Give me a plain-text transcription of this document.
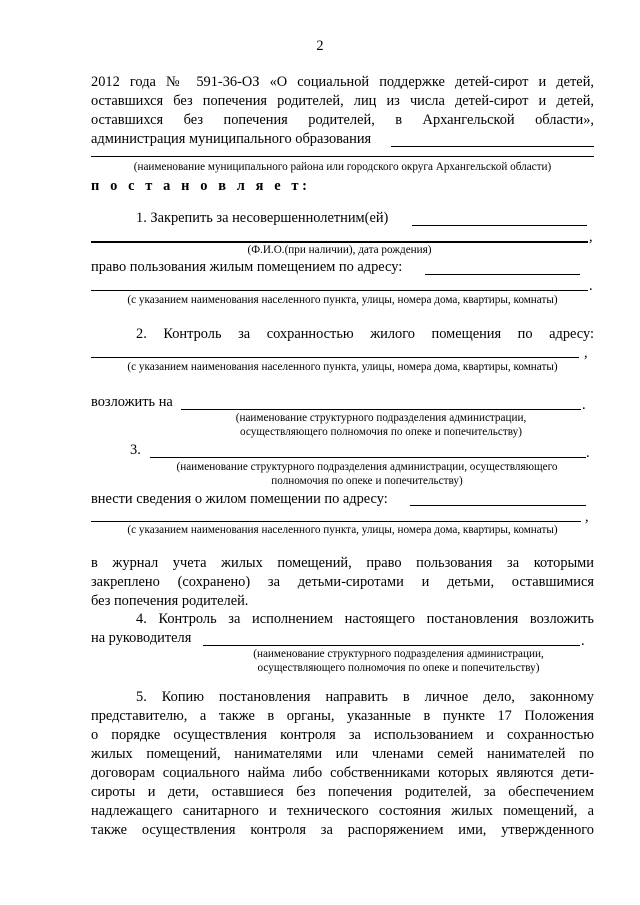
2
2012 года № 591-36-ОЗ «О социальной поддержке детей-сирот и детей,
оставшихся без попечения родителей, лиц из числа детей-сирот и детей,
оставшихся без попечения родителей, в Архангельской области»,
администрация муниципального образования
(наименование муниципального района или городского округа Архангельской области)
п о с т а н о в л я е т:
1. Закрепить за несовершеннолетним(ей)
,
(Ф.И.О.(при наличии), дата рождения)
право пользования жилым помещением по адресу:
.
(с указанием наименования населенного пункта, улицы, номера дома, квартиры, комнаты)
2. Контроль за сохранностью жилого помещения по адресу:
,
(с указанием наименования населенного пункта, улицы, номера дома, квартиры, комнаты)
возложить на	.
(наименование структурного подразделения администрации,
осуществляющего полномочия по опеке и попечительству)
3.	.
(наименование структурного подразделения администрации, осуществляющего
полномочия по опеке и попечительству)
внести сведения о жилом помещении по адресу:
,
(с указанием наименования населенного пункта, улицы, номера дома, квартиры, комнаты)
в журнал учета жилых помещений, право пользования за которыми
закреплено (сохранено) за детьми-сиротами и детьми, оставшимися
без попечения родителей.
4. Контроль за исполнением настоящего постановления возложить
на руководителя	.
(наименование структурного подразделения администрации,
осуществляющего полномочия по опеке и попечительству)
5. Копию постановления направить в личное дело, законному
представителю, а также в органы, указанные в пункте 17 Положения
о порядке осуществления контроля за использованием и сохранностью
жилых помещений, нанимателями или членами семей нанимателей по
договорам социального найма либо собственниками которых являются дети-
сироты и дети, оставшиеся без попечения родителей, за обеспечением
надлежащего санитарного и технического состояния жилых помещений, а
также осуществления контроля за распоряжением ими, утвержденного
